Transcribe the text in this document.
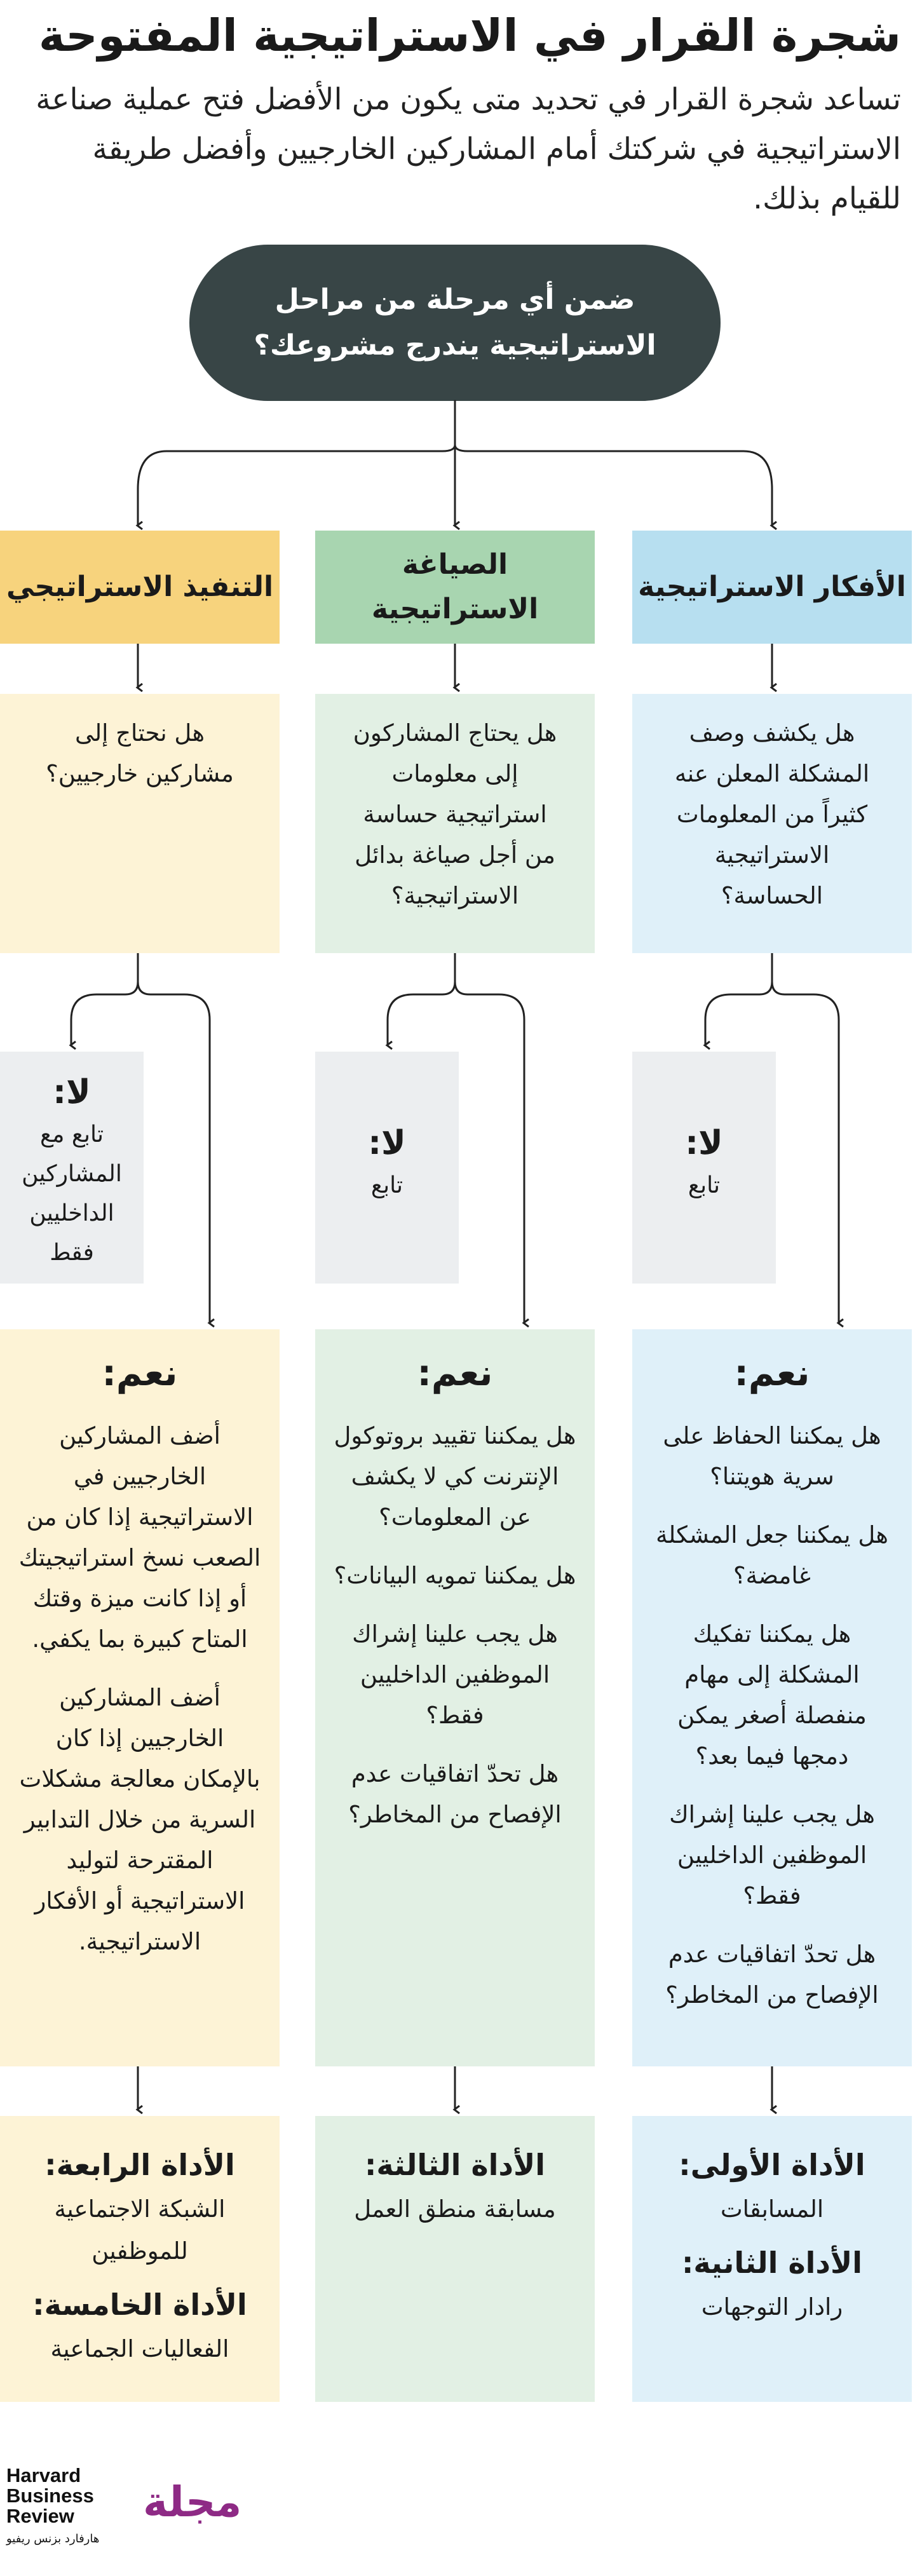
شجرة القرار في الاستراتيجية المفتوحة
تساعد شجرة القرار في تحديد متى يكون من الأفضل فتح عملية صناعة الاستراتيجية في شركتك أمام المشاركين الخارجيين وأفضل طريقة للقيام بذلك.
ضمن أي مرحلة من مراحل الاستراتيجية يندرج مشروعك؟
الأفكار الاستراتيجية
الصياغة الاستراتيجية
التنفيذ الاستراتيجي
هل يكشف وصف المشكلة المعلن عنه كثيراً من المعلومات الاستراتيجية الحساسة؟
هل يحتاج المشاركون إلى معلومات استراتيجية حساسة من أجل صياغة بدائل الاستراتيجية؟
هل نحتاج إلى مشاركين خارجيين؟
لا:
تابع
لا:
تابع
لا:
تابع مع المشاركين الداخليين فقط
نعم:
هل يمكننا الحفاظ على سرية هويتنا؟
هل يمكننا جعل المشكلة غامضة؟
هل يمكننا تفكيك المشكلة إلى مهام منفصلة أصغر يمكن دمجها فيما بعد؟
هل يجب علينا إشراك الموظفين الداخليين فقط؟
هل تحدّ اتفاقيات عدم الإفصاح من المخاطر؟
نعم:
هل يمكننا تقييد بروتوكول الإنترنت كي لا يكشف عن المعلومات؟
هل يمكننا تمويه البيانات؟
هل يجب علينا إشراك الموظفين الداخليين فقط؟
هل تحدّ اتفاقيات عدم الإفصاح من المخاطر؟
نعم:
أضف المشاركين الخارجيين في الاستراتيجية إذا كان من الصعب نسخ استراتيجيتك أو إذا كانت ميزة وقتك المتاح كبيرة بما يكفي.
أضف المشاركين الخارجيين إذا كان بالإمكان معالجة مشكلات السرية من خلال التدابير المقترحة لتوليد الاستراتيجية أو الأفكار الاستراتيجية.
الأداة الأولى:
المسابقات
الأداة الثانية:
رادار التوجهات
الأداة الثالثة:
مسابقة منطق العمل
الأداة الرابعة:
الشبكة الاجتماعية للموظفين
الأداة الخامسة:
الفعاليات الجماعية
Harvard Business Review
هارفارد بزنس ريفيو
مجلة
